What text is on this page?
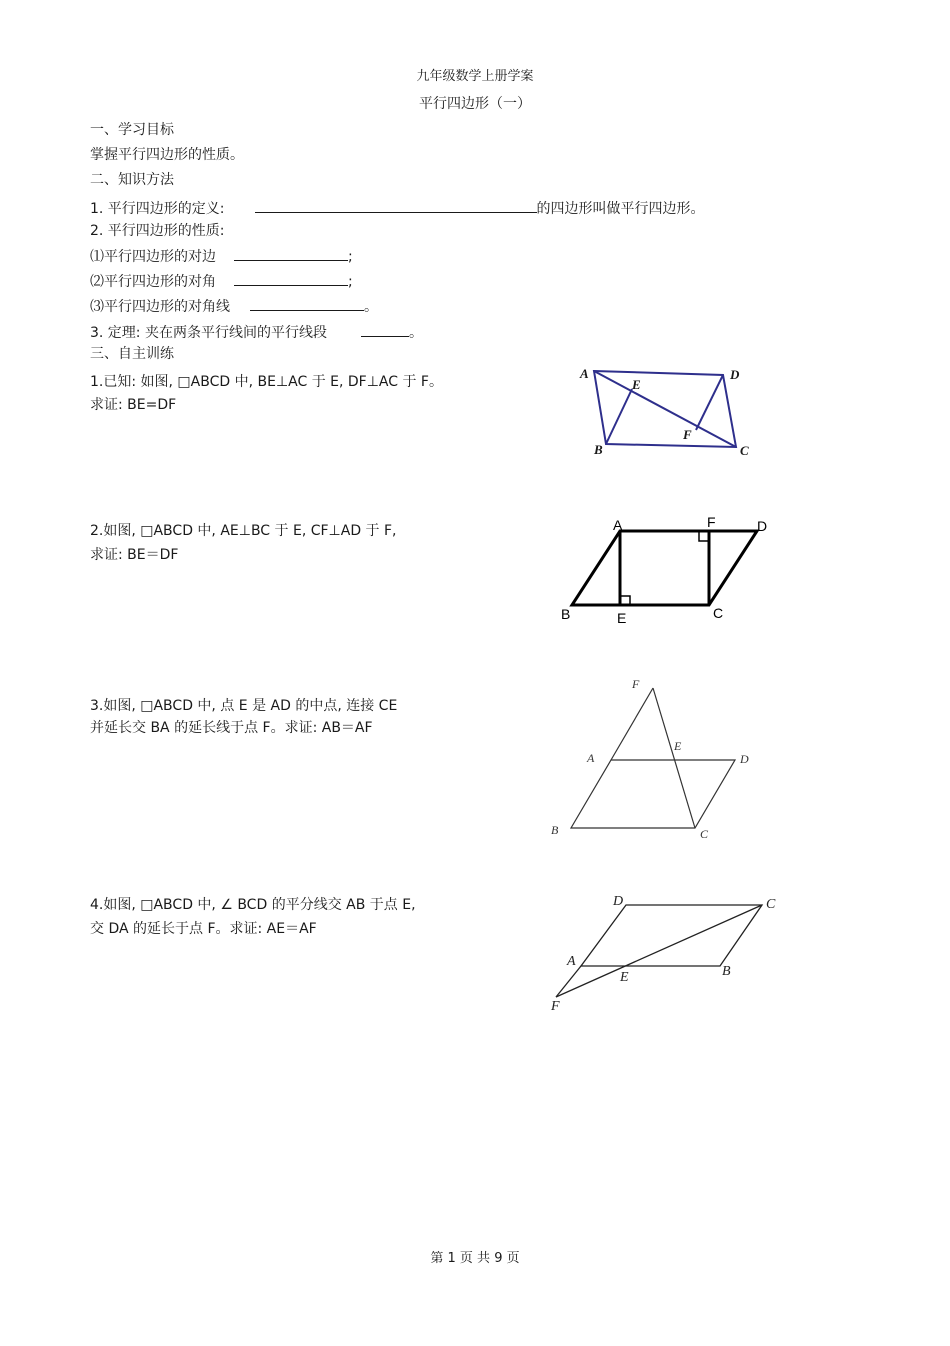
九年级数学上册学案
平行四边形（一）
一、学习目标
掌握平行四边形的性质。
二、知识方法
1. 平行四边形的定义:	的四边形叫做平行四边形。
2. 平行四边形的性质:
⑴平行四边形的对边	;
⑵平行四边形的对角	;
⑶平行四边形的对角线	。
3. 定理: 夹在两条平行线间的平行线段	。
三、自主训练
1.已知: 如图, □ABCD 中, BE⊥AC 于 E, DF⊥AC 于 F。
求证: BE=DF
A	D
E
F
B	C
2.如图, □ABCD 中, AE⊥BC 于 E, CF⊥AD 于 F,
求证: BE＝DF
A	F	D
B	E	C
3.如图, □ABCD 中, 点 E 是 AD 的中点, 连接 CE
并延长交 BA 的延长线于点 F。求证: AB＝AF
F
A
E
D
B	C
4.如图, □ABCD 中, ∠ BCD 的平分线交 AB 于点 E,
交 DA 的延长于点 F。求证: AE＝AF
D	C
A
E	B
F
第 1 页 共 9 页
